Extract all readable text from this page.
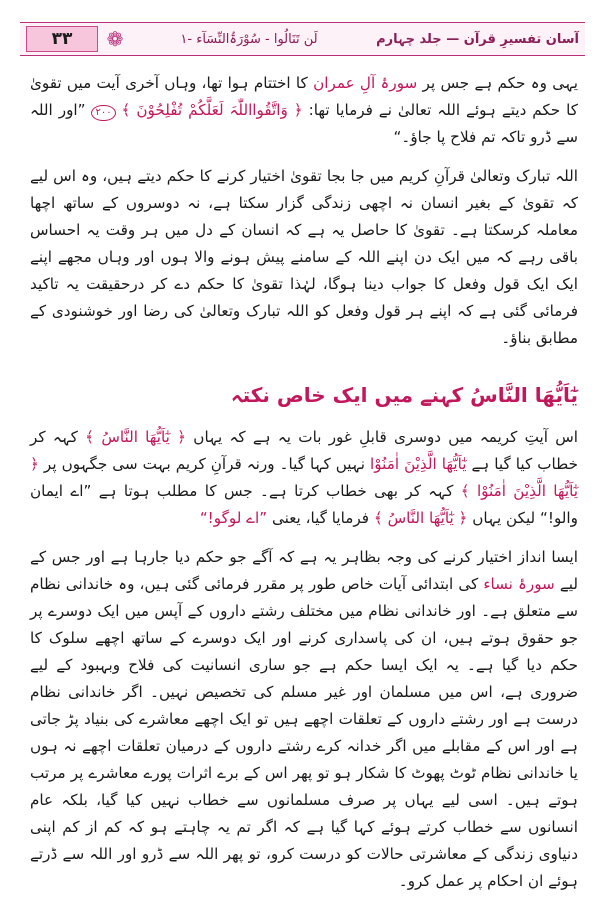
۳۳	❁	لَن تَنَالُوا - سُوْرَۃُالنِّسَآء -١	آسان تفسیرِ قرآن — جلد چہارم

یہی وہ حکم ہے جس پر سورۂ آلِ عمران کا اختتام ہوا تھا، وہاں آخری آیت میں تقویٰ کا حکم دیتے ہوئے اللہ تعالیٰ نے فرمایا تھا: ﴿ وَاتَّقُوااللّٰہَ لَعَلَّکُمْ تُفْلِحُوْنَ ﴾ ۲۰۰ ”اور اللہ سے ڈرو تاکہ تم فلاح پا جاؤ۔“

اللہ تبارک وتعالیٰ قرآنِ کریم میں جا بجا تقویٰ اختیار کرنے کا حکم دیتے ہیں، وہ اس لیے کہ تقویٰ کے بغیر انسان نہ اچھی زندگی گزار سکتا ہے، نہ دوسروں کے ساتھ اچھا معاملہ کرسکتا ہے۔ تقویٰ کا حاصل یہ ہے کہ انسان کے دل میں ہر وقت یہ احساس باقی رہے کہ میں ایک دن اپنے اللہ کے سامنے پیش ہونے والا ہوں اور وہاں مجھے اپنے ایک ایک قول وفعل کا جواب دینا ہوگا، لہٰذا تقویٰ کا حکم دے کر درحقیقت یہ تاکید فرمائی گئی ہے کہ اپنے ہر قول وفعل کو اللہ تبارک وتعالیٰ کی رضا اور خوشنودی کے مطابق بناؤ۔

یٰٓاَیُّھَا النَّاسُ کہنے میں ایک خاص نکتہ

اس آیتِ کریمہ میں دوسری قابلِ غور بات یہ ہے کہ یہاں ﴿ یٰٓاَیُّھَا النَّاسُ ﴾ کہہ کر خطاب کیا گیا ہے یٰٓاَیُّھَا الَّذِیْنَ اٰمَنُوْا نہیں کہا گیا۔ ورنہ قرآنِ کریم بہت سی جگہوں پر ﴿ یٰٓاَیُّھَا الَّذِیْنَ اٰمَنُوْا ﴾ کہہ کر بھی خطاب کرتا ہے۔ جس کا مطلب ہوتا ہے ”اے ایمان والو!“ لیکن یہاں ﴿ یٰٓاَیُّھَا النَّاسُ ﴾ فرمایا گیا، یعنی ”اے لوگو!“

ایسا انداز اختیار کرنے کی وجہ بظاہر یہ ہے کہ آگے جو حکم دیا جارہا ہے اور جس کے لیے سورۂ نساء کی ابتدائی آیات خاص طور پر مقرر فرمائی گئی ہیں، وہ خاندانی نظام سے متعلق ہے۔ اور خاندانی نظام میں مختلف رشتے داروں کے آپس میں ایک دوسرے پر جو حقوق ہوتے ہیں، ان کی پاسداری کرنے اور ایک دوسرے کے ساتھ اچھے سلوک کا حکم دیا گیا ہے۔ یہ ایک ایسا حکم ہے جو ساری انسانیت کی فلاح وبہبود کے لیے ضروری ہے، اس میں مسلمان اور غیر مسلم کی تخصیص نہیں۔ اگر خاندانی نظام درست ہے اور رشتے داروں کے تعلقات اچھے ہیں تو ایک اچھے معاشرے کی بنیاد پڑ جاتی ہے اور اس کے مقابلے میں اگر خدانہ کرے رشتے داروں کے درمیان تعلقات اچھے نہ ہوں یا خاندانی نظام ٹوٹ پھوٹ کا شکار ہو تو پھر اس کے برے اثرات پورے معاشرے پر مرتب ہوتے ہیں۔ اسی لیے یہاں پر صرف مسلمانوں سے خطاب نہیں کیا گیا، بلکہ عام انسانوں سے خطاب کرتے ہوئے کہا گیا ہے کہ اگر تم یہ چاہتے ہو کہ کم از کم اپنی دنیاوی زندگی کے معاشرتی حالات کو درست کرو، تو پھر اللہ سے ڈرو اور اللہ سے ڈرتے ہوئے ان احکام پر عمل کرو۔
